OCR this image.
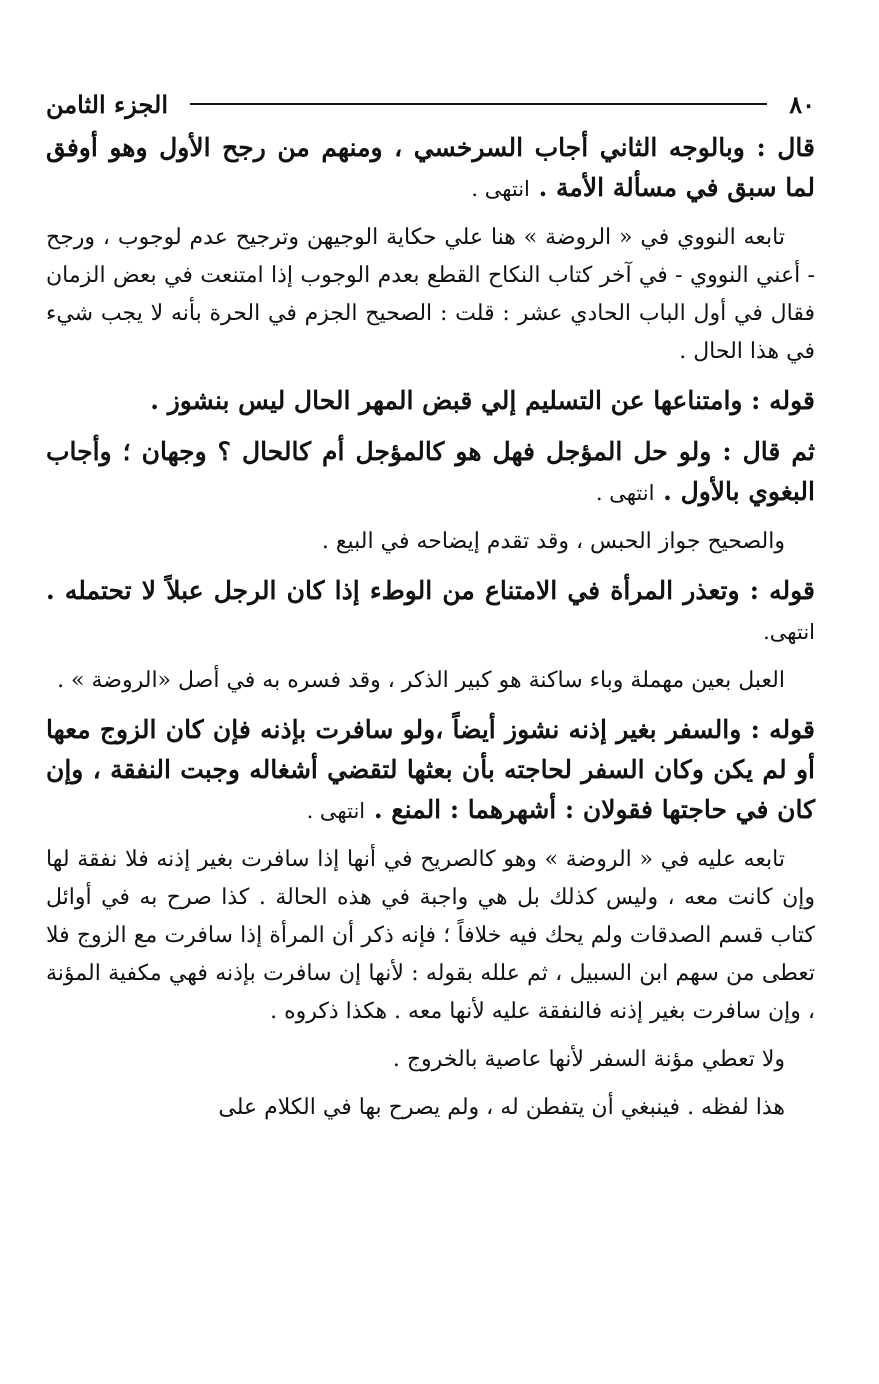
٨٠
الجزء الثامن

قال : وبالوجه الثاني أجاب السرخسي ، ومنهم من رجح الأول وهو أوفق لما سبق في مسألة الأمة . انتهى .

تابعه النووي في « الروضة » هنا علي حكاية الوجيهن وترجيح عدم لوجوب ، ورجح - أعني النووي - في آخر كتاب النكاح القطع بعدم الوجوب إذا امتنعت في بعض الزمان فقال في أول الباب الحادي عشر : قلت : الصحيح الجزم في الحرة بأنه لا يجب شيء في هذا الحال .

قوله : وامتناعها عن التسليم إلي قبض المهر الحال ليس بنشوز .

ثم قال : ولو حل المؤجل فهل هو كالمؤجل أم كالحال ؟ وجهان ؛ وأجاب البغوي بالأول . انتهى .

والصحيح جواز الحبس ، وقد تقدم إيضاحه في البيع .

قوله : وتعذر المرأة في الامتناع من الوطء إذا كان الرجل عبلاً لا تحتمله . انتهى.

العبل بعين مهملة وباء ساكنة هو كبير الذكر ، وقد فسره به في أصل «الروضة » .

قوله : والسفر بغير إذنه نشوز أيضاً ،ولو سافرت بإذنه فإن كان الزوج معها أو لم يكن وكان السفر لحاجته بأن بعثها لتقضي أشغاله وجبت النفقة ، وإن كان في حاجتها فقولان : أشهرهما : المنع . انتهى .

تابعه عليه في « الروضة » وهو كالصريح في أنها إذا سافرت بغير إذنه فلا نفقة لها وإن كانت معه ، وليس كذلك بل هي واجبة في هذه الحالة . كذا صرح به في أوائل كتاب قسم الصدقات ولم يحك فيه خلافاً ؛ فإنه ذكر أن المرأة إذا سافرت مع الزوج فلا تعطى من سهم ابن السبيل ، ثم علله بقوله : لأنها إن سافرت بإذنه فهي مكفية المؤنة ، وإن سافرت بغير إذنه فالنفقة عليه لأنها معه . هكذا ذكروه .

ولا تعطي مؤنة السفر لأنها عاصية بالخروج .

هذا لفظه . فينبغي أن يتفطن له ، ولم يصرح بها في الكلام على
